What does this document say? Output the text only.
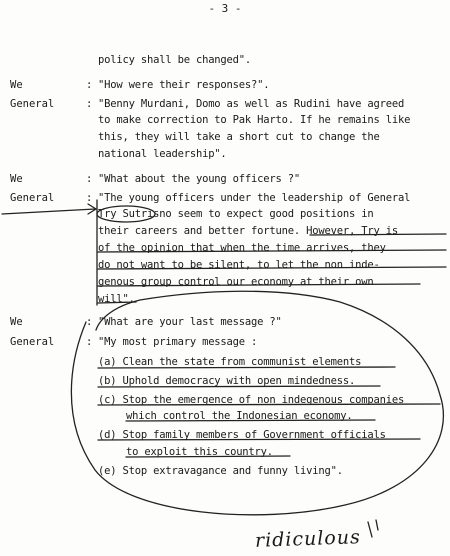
- 3 -
policy shall be changed".
We	: "How were their responses?".
General	: "Benny Murdani, Domo as well as Rudini have agreed
to make correction to Pak Harto. If he remains like
this, they will take a short cut to change the
national leadership".
We	: "What about the young officers ?"
General	: "The young officers under the leadership of General
Try Sutrisno seem to expect good positions in
their careers and better fortune. However, Try is
of the opinion that when the time arrives, they
do not want to be silent, to let the non inde-
genous group control our economy at their own
will".
We	: "What are your last message ?"
General	: "My most primary message :
(a) Clean the state from communist elements
(b) Uphold democracy with open mindedness.
(c) Stop the emergence of non indegenous companies
which control the Indonesian economy.
(d) Stop family members of Government officials
to exploit this country.
(e) Stop extravagance and funny living".
ridiculous
